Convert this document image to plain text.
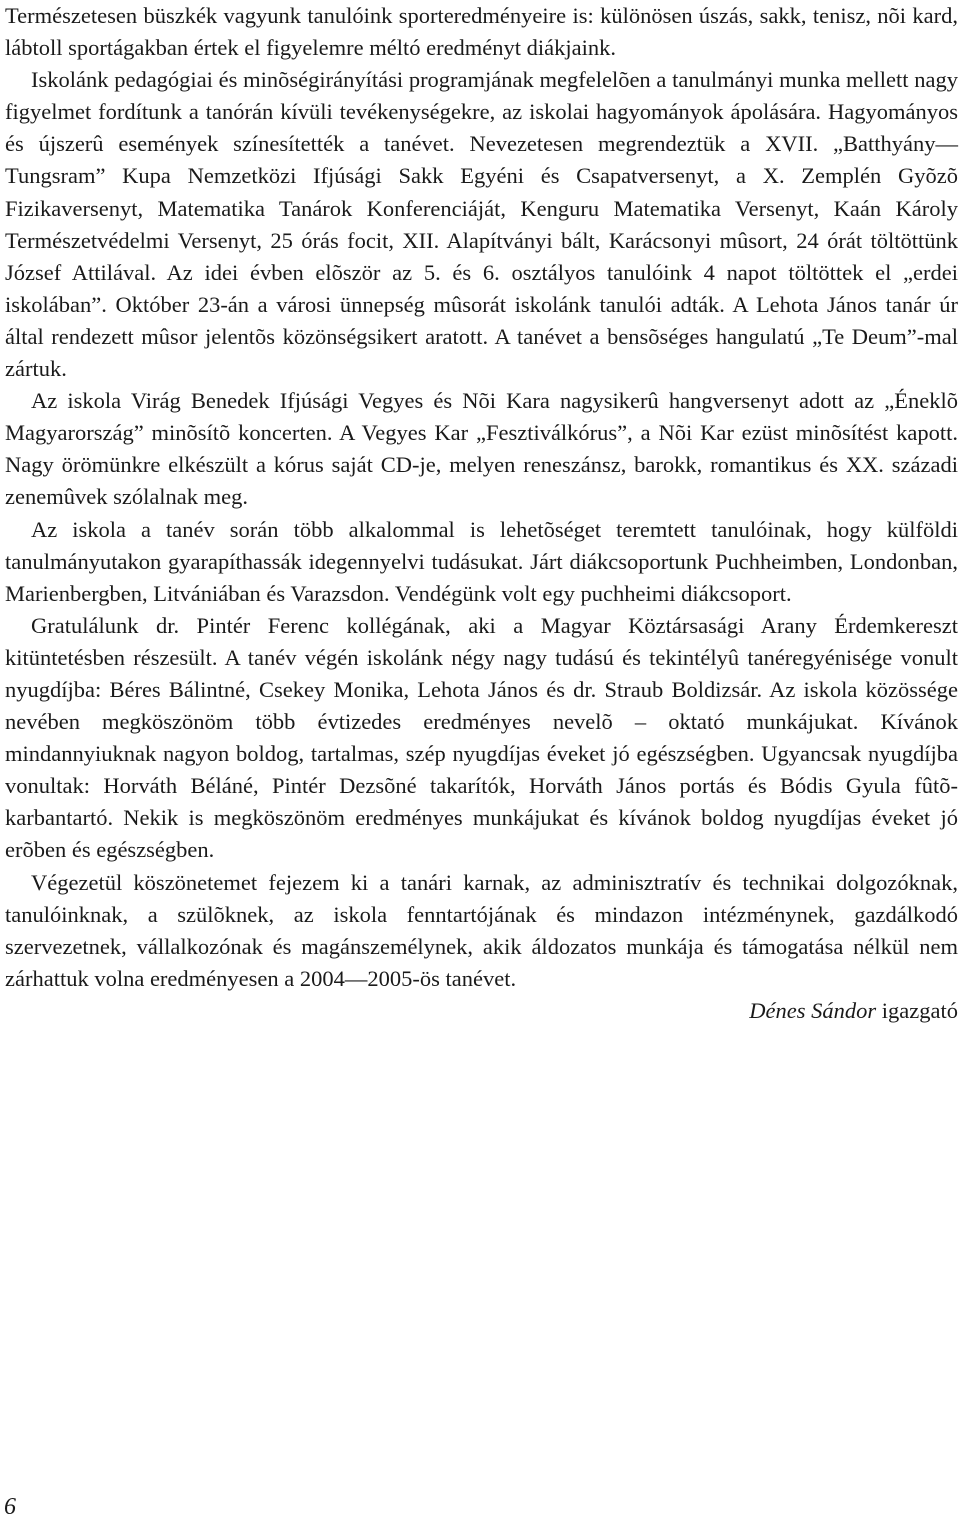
Természetesen büszkék vagyunk tanulóink sporteredményeire is: különösen úszás, sakk, tenisz, nõi kard, lábtoll sportágakban értek el figyelemre méltó eredményt diákjaink.

Iskolánk pedagógiai és minõségirányítási programjának megfelelõen a tanulmányi munka mellett nagy figyelmet fordítunk a tanórán kívüli tevékenységekre, az iskolai hagyományok ápolására. Hagyományos és újszerû események színesítették a tanévet. Nevezetesen megrendeztük a XVII. „Batthyány—Tungsram” Kupa Nemzetközi Ifjúsági Sakk Egyéni és Csapatversenyt, a X. Zemplén Gyõzõ Fizikaversenyt, Matematika Tanárok Konferenciáját, Kenguru Matematika Versenyt, Kaán Károly Természetvédelmi Versenyt, 25 órás focit, XII. Alapítványi bált, Karácsonyi mûsort, 24 órát töltöttünk József Attilával. Az idei évben elõször az 5. és 6. osztályos tanulóink 4 napot töltöttek el „erdei iskolában”. Október 23-án a városi ünnepség mûsorát iskolánk tanulói adták. A Lehota János tanár úr által rendezett mûsor jelentõs közönségsikert aratott. A tanévet a bensõséges hangulatú „Te Deum”-mal zártuk.

Az iskola Virág Benedek Ifjúsági Vegyes és Nõi Kara nagysikerû hangversenyt adott az „Éneklõ Magyarország” minõsítõ koncerten. A Vegyes Kar „Fesztiválkórus”, a Nõi Kar ezüst minõsítést kapott. Nagy örömünkre elkészült a kórus saját CD-je, melyen reneszánsz, barokk, romantikus és XX. századi zenemûvek szólalnak meg.

Az iskola a tanév során több alkalommal is lehetõséget teremtett tanulóinak, hogy külföldi tanulmányutakon gyarapíthassák idegennyelvi tudásukat. Járt diákcsoportunk Puchheimben, Londonban, Marienbergben, Litvániában és Varazsdon. Vendégünk volt egy puchheimi diákcsoport.

Gratulálunk dr. Pintér Ferenc kollégának, aki a Magyar Köztársasági Arany Érdemkereszt kitüntetésben részesült. A tanév végén iskolánk négy nagy tudású és tekintélyû tanéregyénisége vonult nyugdíjba: Béres Bálintné, Csekey Monika, Lehota János és dr. Straub Boldizsár. Az iskola közössége nevében megköszönöm több évtizedes eredményes nevelõ – oktató munkájukat. Kívánok mindannyiuknak nagyon boldog, tartalmas, szép nyugdíjas éveket jó egészségben. Ugyancsak nyugdíjba vonultak: Horváth Béláné, Pintér Dezsõné takarítók, Horváth János portás és Bódis Gyula fûtõ-karbantartó. Nekik is megköszönöm eredményes munkájukat és kívánok boldog nyugdíjas éveket jó erõben és egészségben.

Végezetül köszönetemet fejezem ki a tanári karnak, az adminisztratív és technikai dolgozóknak, tanulóinknak, a szülõknek, az iskola fenntartójának és mindazon intézménynek, gazdálkodó szervezetnek, vállalkozónak és magánszemélynek, akik áldozatos munkája és támogatása nélkül nem zárhattuk volna eredményesen a 2004—2005-ös tanévet.

Dénes Sándor igazgató

6
